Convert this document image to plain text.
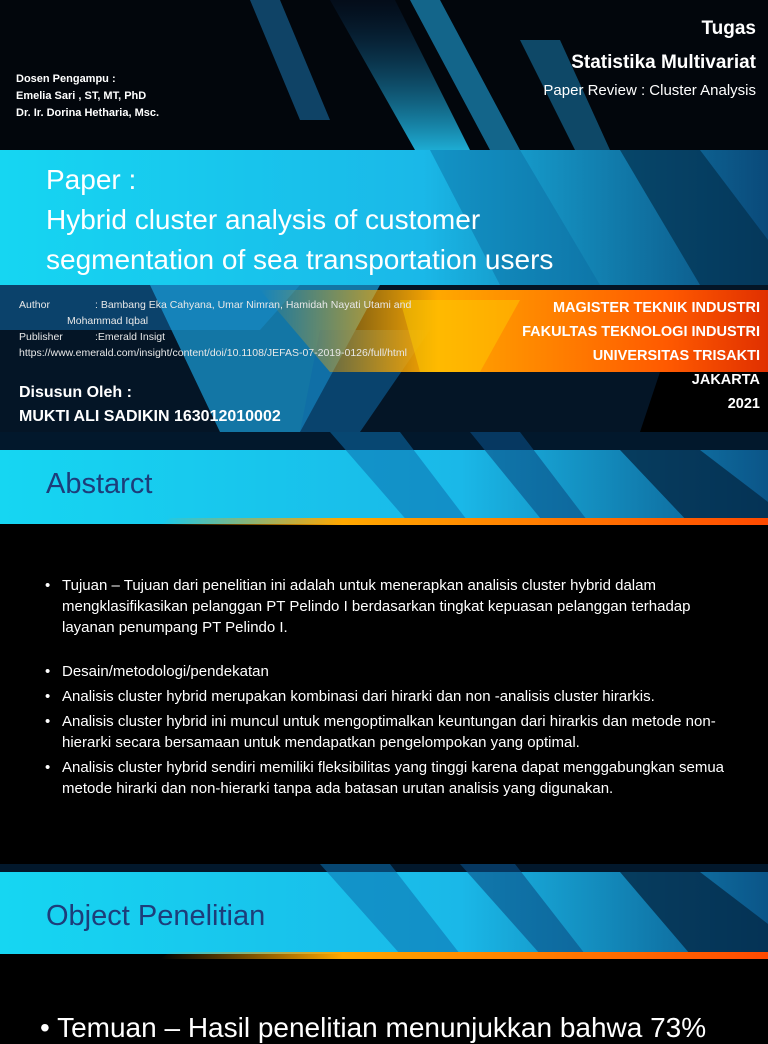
Tugas
Statistika Multivariat
Paper Review : Cluster Analysis
Dosen Pengampu :
Emelia Sari , ST, MT, PhD
Dr. Ir. Dorina Hetharia, Msc.
Paper :
Hybrid cluster analysis of customer
segmentation of sea transportation users
Author	: Bambang Eka Cahyana, Umar Nimran, Hamidah Nayati Utami and
Mohammad Iqbal
Publisher	:Emerald Insigt
https://www.emerald.com/insight/content/doi/10.1108/JEFAS-07-2019-0126/full/html
MAGISTER TEKNIK INDUSTRI
FAKULTAS TEKNOLOGI INDUSTRI
UNIVERSITAS TRISAKTI
JAKARTA
2021
Disusun Oleh :
MUKTI ALI SADIKIN 163012010002
Abstarct
• Tujuan – Tujuan dari penelitian ini adalah untuk menerapkan analisis cluster hybrid dalam mengklasifikasikan pelanggan PT Pelindo I berdasarkan tingkat kepuasan pelanggan terhadap layanan penumpang PT Pelindo I.
• Desain/metodologi/pendekatan
• Analisis cluster hybrid merupakan kombinasi dari hirarki dan non -analisis cluster hirarkis.
• Analisis cluster hybrid ini muncul untuk mengoptimalkan keuntungan dari hirarkis dan metode non-hierarki secara bersamaan untuk mendapatkan pengelompokan yang optimal.
• Analisis cluster hybrid sendiri memiliki fleksibilitas yang tinggi karena dapat menggabungkan semua metode hirarki dan non-hierarki tanpa ada batasan urutan analisis yang digunakan.
Object Penelitian
• Temuan – Hasil penelitian menunjukkan bahwa 73%
